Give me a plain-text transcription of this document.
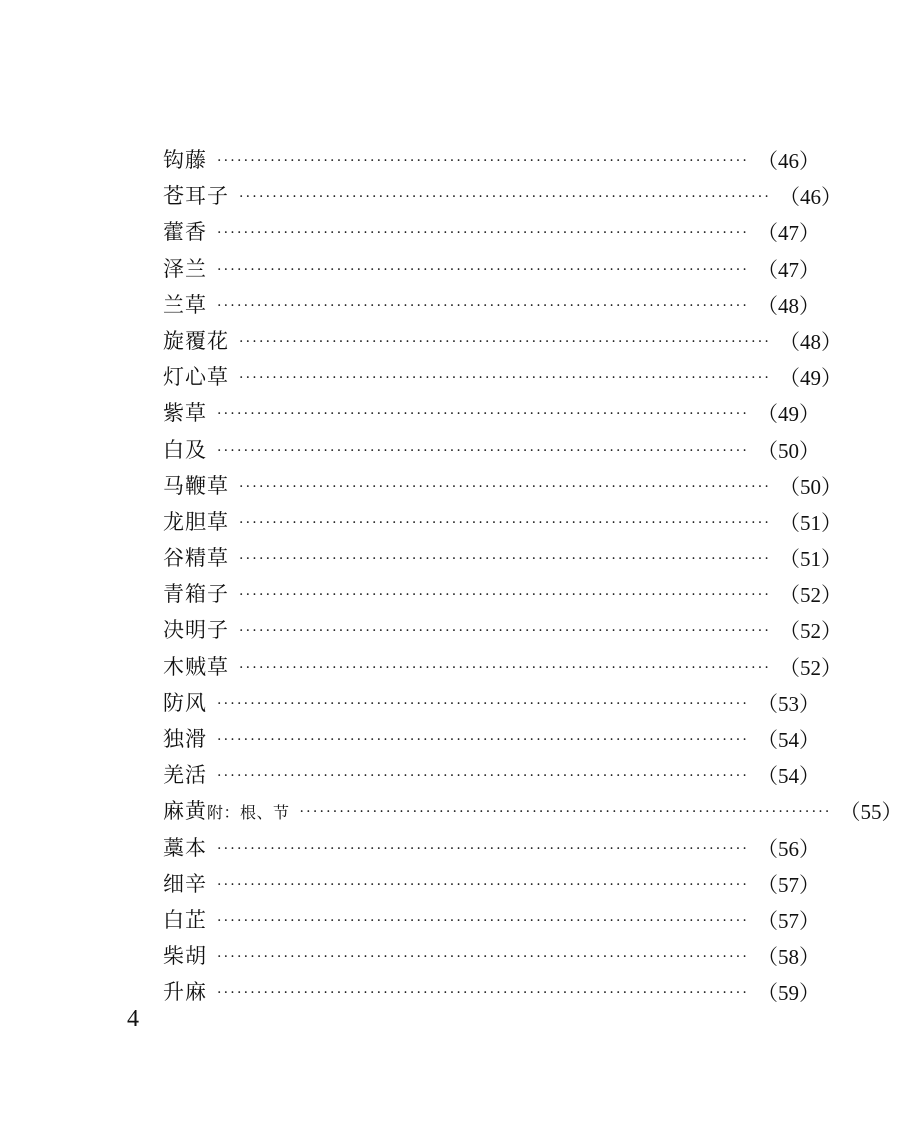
钩藤 ················································································ （46）
苍耳子 ················································································ （46）
藿香 ················································································ （47）
泽兰 ················································································ （47）
兰草 ················································································ （48）
旋覆花 ················································································ （48）
灯心草 ················································································ （49）
紫草 ················································································ （49）
白及 ················································································ （50）
马鞭草 ················································································ （50）
龙胆草 ················································································ （51）
谷精草 ················································································ （51）
青箱子 ················································································ （52）
决明子 ················································································ （52）
木贼草 ················································································ （52）
防风 ················································································ （53）
独滑 ················································································ （54）
羌活 ················································································ （54）
麻黄附：根、节 ················································································ （55）
藁本 ················································································ （56）
细辛 ················································································ （57）
白芷 ················································································ （57）
柴胡 ················································································ （58）
升麻 ················································································ （59）
4
